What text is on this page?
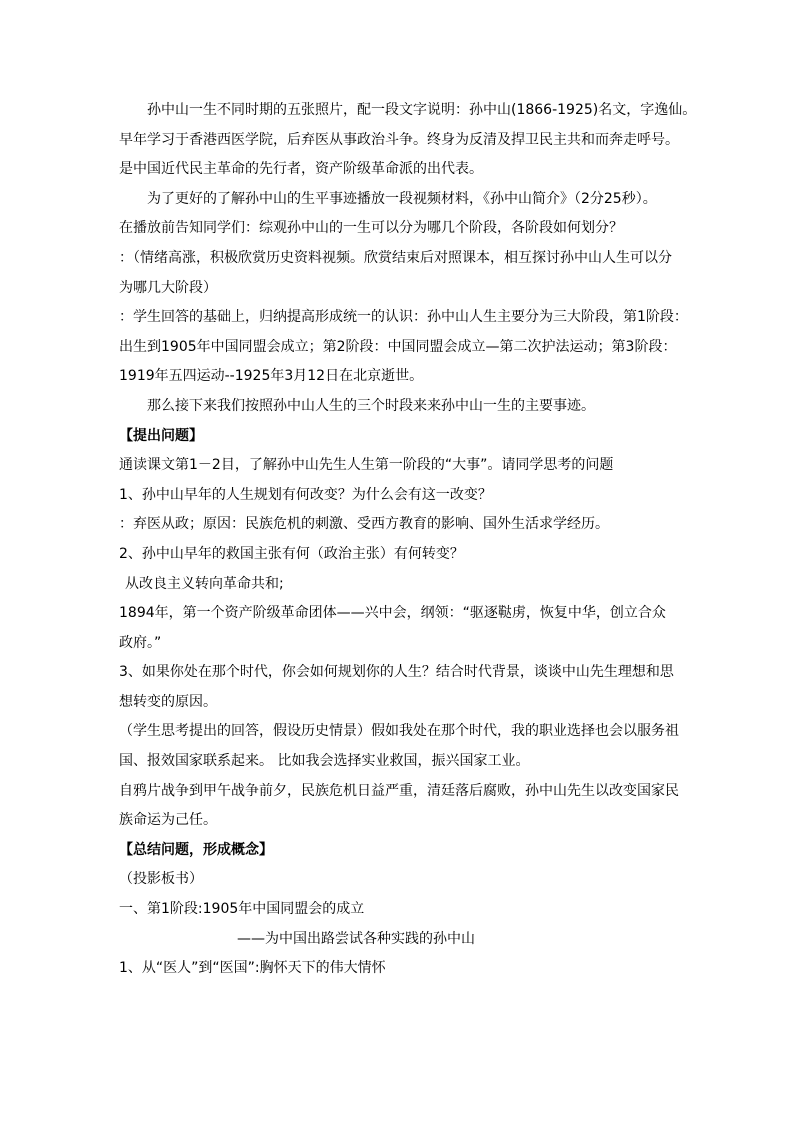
孙中山一生不同时期的五张照片，配一段文字说明：孙中山(1866-1925)名文，字逸仙。
早年学习于香港西医学院，后弃医从事政治斗争。终身为反清及捍卫民主共和而奔走呼号。
是中国近代民主革命的先行者，资产阶级革命派的出代表。
为了更好的了解孙中山的生平事迹播放一段视频材料，《孙中山简介》（2分25秒）。
在播放前告知同学们：综观孙中山的一生可以分为哪几个阶段，各阶段如何划分？
：（情绪高涨，积极欣赏历史资料视频。欣赏结束后对照课本，相互探讨孙中山人生可以分
为哪几大阶段）
：学生回答的基础上，归纳提高形成统一的认识：孙中山人生主要分为三大阶段，第1阶段：
出生到1905年中国同盟会成立；第2阶段：中国同盟会成立—第二次护法运动；第3阶段：
1919年五四运动--1925年3月12日在北京逝世。
那么接下来我们按照孙中山人生的三个时段来来孙中山一生的主要事迹。
【提出问题】
通读课文第1－2目，了解孙中山先生人生第一阶段的“大事”。请同学思考的问题
1、孙中山早年的人生规划有何改变？为什么会有这一改变？
：弃医从政；原因：民族危机的刺激、受西方教育的影响、国外生活求学经历。
2、孙中山早年的救国主张有何（政治主张）有何转变？
从改良主义转向革命共和;
1894年，第一个资产阶级革命团体——兴中会，纲领：“驱逐鞑虏，恢复中华，创立合众
政府。”
3、如果你处在那个时代，你会如何规划你的人生？结合时代背景，谈谈中山先生理想和思
想转变的原因。
（学生思考提出的回答，假设历史情景）假如我处在那个时代，我的职业选择也会以服务祖
国、报效国家联系起来。 比如我会选择实业救国，振兴国家工业。
自鸦片战争到甲午战争前夕，民族危机日益严重，清廷落后腐败，孙中山先生以改变国家民
族命运为己任。
【总结问题，形成概念】
（投影板书）
一、第1阶段:1905年中国同盟会的成立
——为中国出路尝试各种实践的孙中山
1、从“医人”到“医国”:胸怀天下的伟大情怀
